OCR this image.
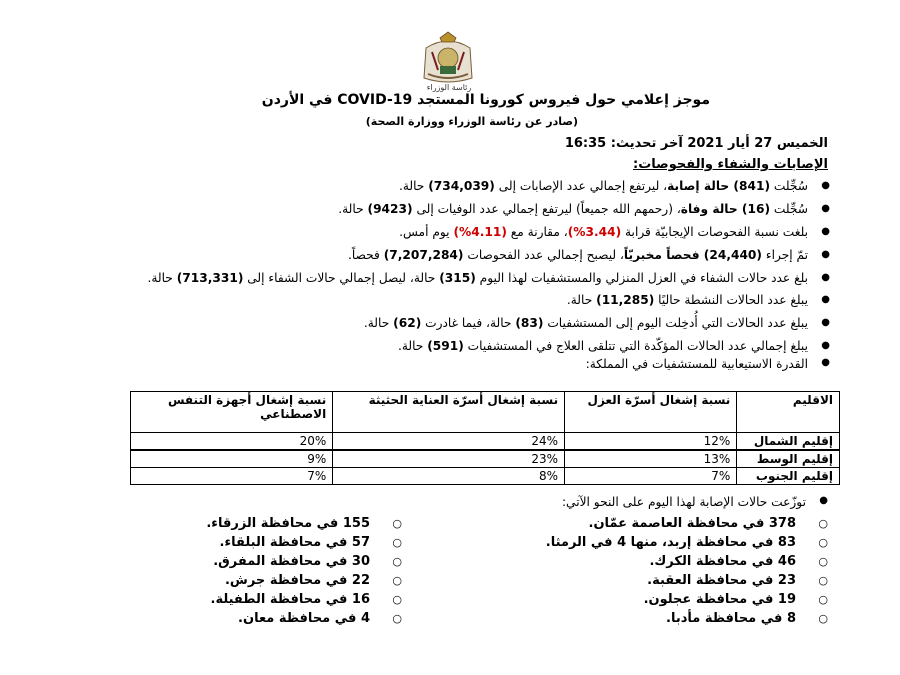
رئاسة الوزراء
موجز إعلامي حول فيروس كورونا المستجد COVID-19 في الأردن
(صادر عن رئاسة الوزراء ووزارة الصحة)
الخميس 27 أيار 2021 آخر تحديث: 16:35
الإصابات والشفاء والفحوصات:
● سُجِّلت (841) حالة إصابة، ليرتفع إجمالي عدد الإصابات إلى (734,039) حالة.
● سُجِّلت (16) حالة وفاة، (رحمهم الله جميعاً) ليرتفع إجمالي عدد الوفيات إلى (9423) حالة.
● بلغت نسبة الفحوصات الإيجابيّة قرابة (3.44%)، مقارنة مع (4.11%) يوم أمس.
● تمّ إجراء (24,440) فحصاً مخبريّاً، ليصبح إجمالي عدد الفحوصات (7,207,284) فحصاً.
● بلغ عدد حالات الشفاء في العزل المنزلي والمستشفيات لهذا اليوم (315) حالة، ليصل إجمالي حالات الشفاء إلى (713,331) حالة.
● يبلغ عدد الحالات النشطة حاليًا (11,285) حالة.
● يبلغ عدد الحالات التي أُدخِلت اليوم إلى المستشفيات (83) حالة، فيما غادرت (62) حالة.
● يبلغ إجمالي عدد الحالات المؤكّدة التي تتلقى العلاج في المستشفيات (591) حالة.
● القدرة الاستيعابية للمستشفيات في المملكة:
الاقليم	نسبة إشغال أسرّة العزل	نسبة إشغال أسرّة العناية الحثيثة	نسبة إشغال أجهزة التنفس الاصطناعي
إقليم الشمال	12%	24%	20%
إقليم الوسط	13%	23%	9%
إقليم الجنوب	7%	8%	7%
● توزّعت حالات الإصابة لهذا اليوم على النحو الآتي:
○378 في محافظة العاصمة عمّان.
○83 في محافظة إربد، منها 4 في الرمثا.
○46 في محافظة الكرك.
○23 في محافظة العقبة.
○19 في محافظة عجلون.
○8 في محافظة مأدبا.
○155 في محافظة الزرقاء.
○57 في محافظة البلقاء.
○30 في محافظة المفرق.
○22 في محافظة جرش.
○16 في محافظة الطفيلة.
○4 في محافظة معان.
